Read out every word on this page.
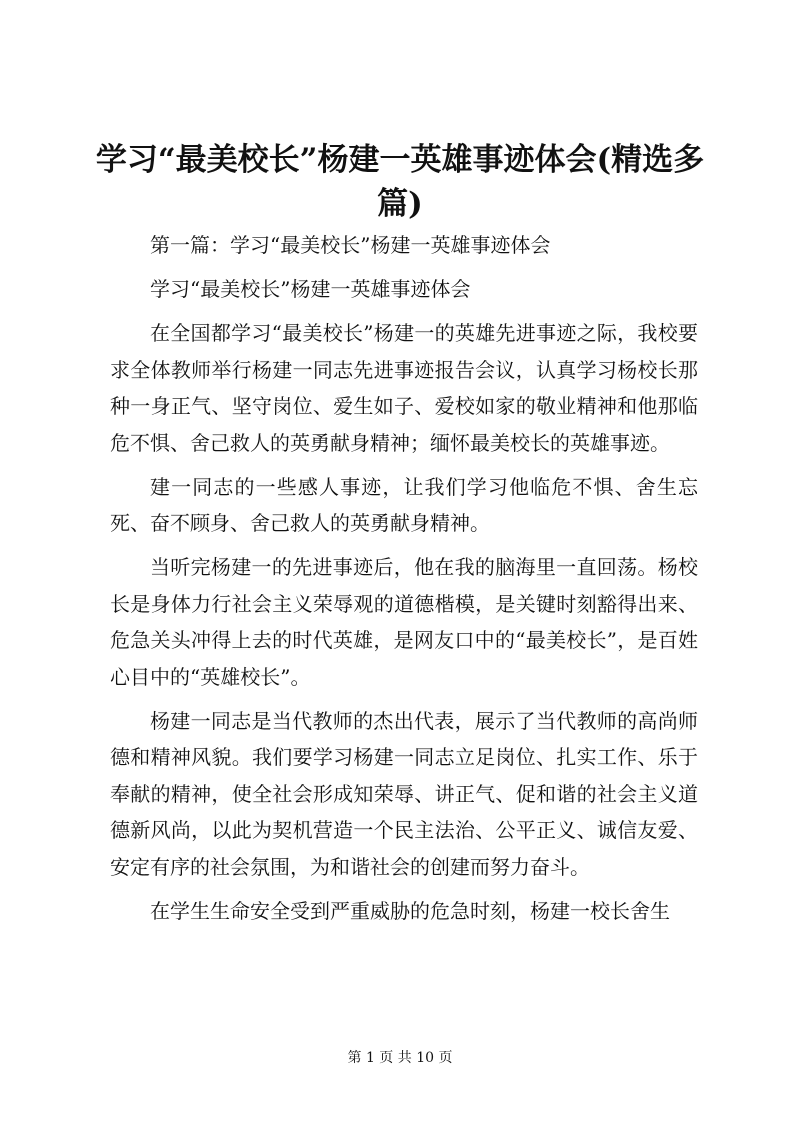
学习“最美校长”杨建一英雄事迹体会(精选多篇)

第一篇：学习“最美校长”杨建一英雄事迹体会

学习“最美校长”杨建一英雄事迹体会

在全国都学习“最美校长”杨建一的英雄先进事迹之际，我校要求全体教师举行杨建一同志先进事迹报告会议，认真学习杨校长那种一身正气、坚守岗位、爱生如子、爱校如家的敬业精神和他那临危不惧、舍己救人的英勇献身精神；缅怀最美校长的英雄事迹。

建一同志的一些感人事迹，让我们学习他临危不惧、舍生忘死、奋不顾身、舍己救人的英勇献身精神。

当听完杨建一的先进事迹后，他在我的脑海里一直回荡。杨校长是身体力行社会主义荣辱观的道德楷模，是关键时刻豁得出来、危急关头冲得上去的时代英雄，是网友口中的“最美校长”，是百姓心目中的“英雄校长”。

杨建一同志是当代教师的杰出代表，展示了当代教师的高尚师德和精神风貌。我们要学习杨建一同志立足岗位、扎实工作、乐于奉献的精神，使全社会形成知荣辱、讲正气、促和谐的社会主义道德新风尚，以此为契机营造一个民主法治、公平正义、诚信友爱、安定有序的社会氛围，为和谐社会的创建而努力奋斗。

在学生生命安全受到严重威胁的危急时刻，杨建一校长舍生

第 1 页 共 10 页
